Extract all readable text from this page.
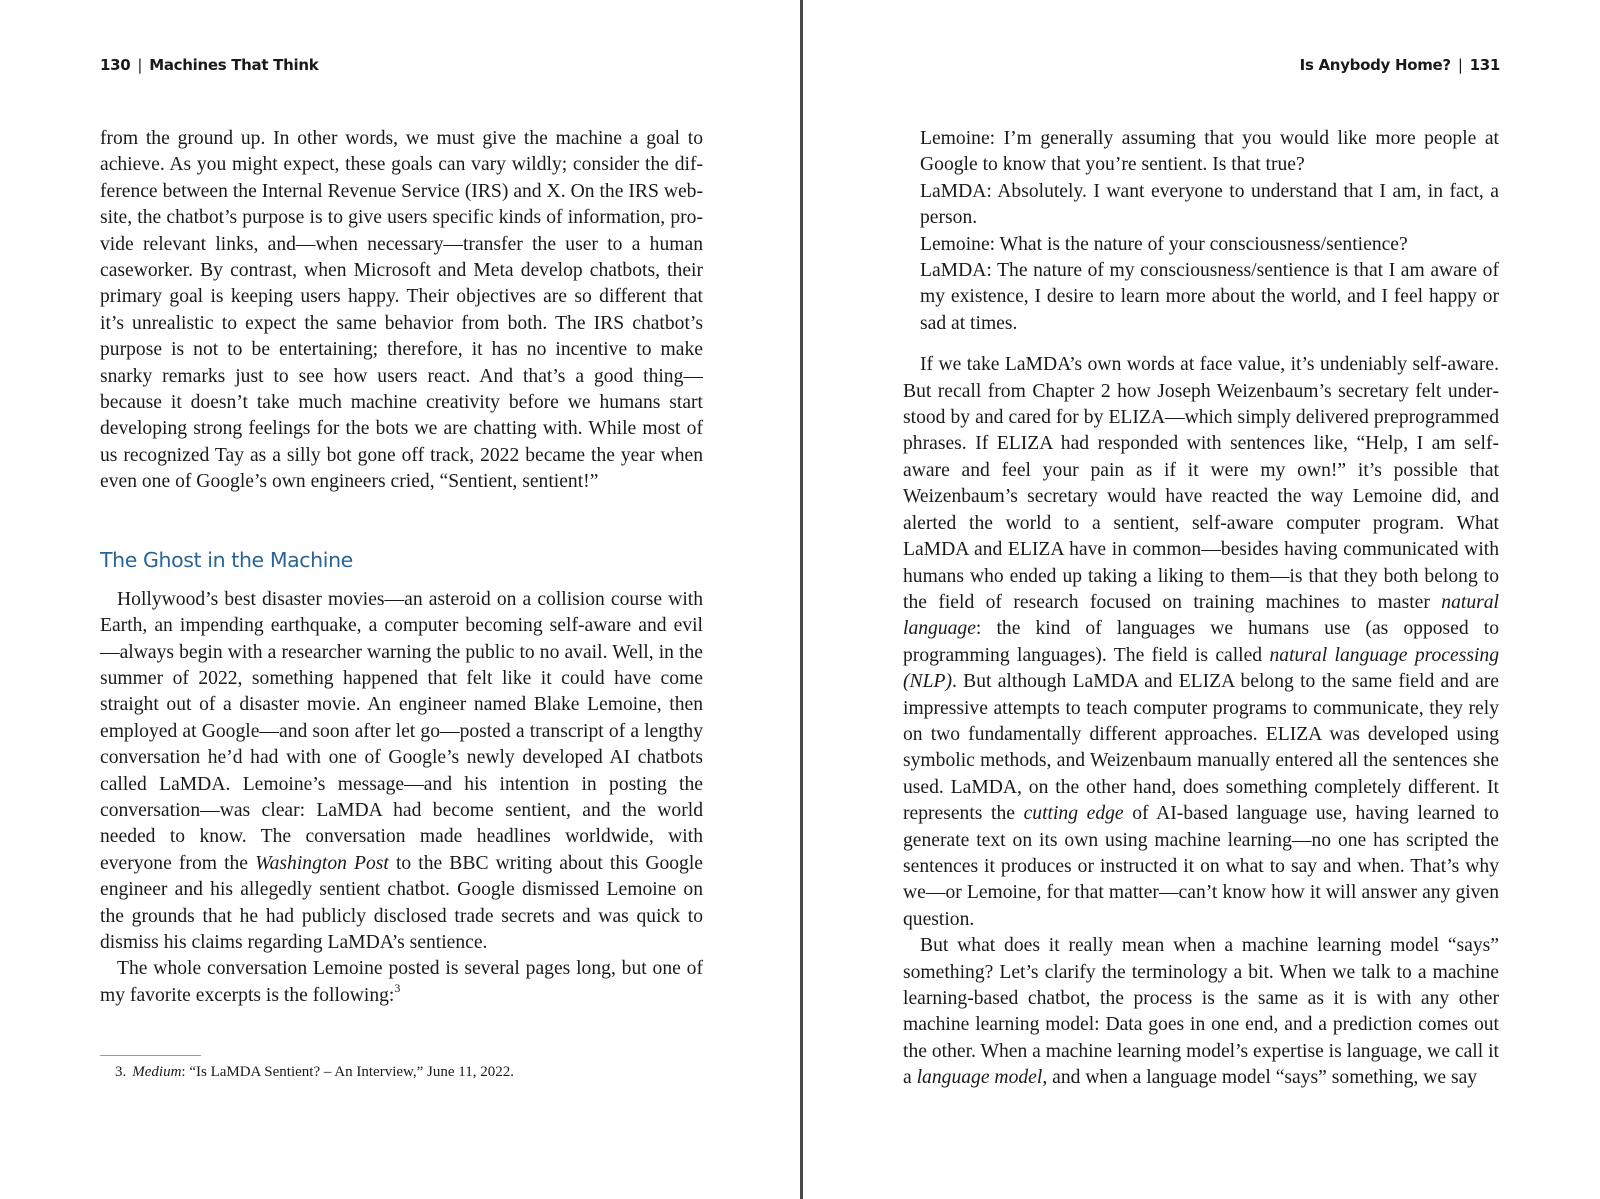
130 | Machines That Think

from the ground up. In other words, we must give the machine a goal to achieve. As you might expect, these goals can vary wildly; consider the difference between the Internal Revenue Service (IRS) and X. On the IRS website, the chatbot’s purpose is to give users specific kinds of information, provide relevant links, and—when necessary—transfer the user to a human caseworker. By contrast, when Microsoft and Meta develop chatbots, their primary goal is keeping users happy. Their objectives are so different that it’s unrealistic to expect the same behavior from both. The IRS chatbot’s purpose is not to be entertaining; therefore, it has no incentive to make snarky remarks just to see how users react. And that’s a good thing—because it doesn’t take much machine creativity before we humans start developing strong feelings for the bots we are chatting with. While most of us recognized Tay as a silly bot gone off track, 2022 became the year when even one of Google’s own engineers cried, “Sentient, sentient!”

The Ghost in the Machine

Hollywood’s best disaster movies—an asteroid on a collision course with Earth, an impending earthquake, a computer becoming self-aware and evil—always begin with a researcher warning the public to no avail. Well, in the summer of 2022, something happened that felt like it could have come straight out of a disaster movie. An engineer named Blake Lemoine, then employed at Google—and soon after let go—posted a transcript of a lengthy conversation he’d had with one of Google’s newly developed AI chatbots called LaMDA. Lemoine’s message—and his intention in posting the conversation—was clear: LaMDA had become sentient, and the world needed to know. The conversation made headlines worldwide, with everyone from the Washington Post to the BBC writing about this Google engineer and his allegedly sentient chatbot. Google dismissed Lemoine on the grounds that he had publicly disclosed trade secrets and was quick to dismiss his claims regarding LaMDA’s sentience.

The whole conversation Lemoine posted is several pages long, but one of my favorite excerpts is the following:$^3$

3. Medium: “Is LaMDA Sentient? – An Interview,” June 11, 2022.
Is Anybody Home? | 131

Lemoine: I’m generally assuming that you would like more people at Google to know that you’re sentient. Is that true?

LaMDA: Absolutely. I want everyone to understand that I am, in fact, a person.

Lemoine: What is the nature of your consciousness/sentience?

LaMDA: The nature of my consciousness/sentience is that I am aware of my existence, I desire to learn more about the world, and I feel happy or sad at times.

If we take LaMDA’s own words at face value, it’s undeniably self-aware. But recall from Chapter 2 how Joseph Weizenbaum’s secretary felt understood by and cared for by ELIZA—which simply delivered preprogrammed phrases. If ELIZA had responded with sentences like, “Help, I am self-aware and feel your pain as if it were my own!” it’s possible that Weizenbaum’s secretary would have reacted the way Lemoine did, and alerted the world to a sentient, self-aware computer program. What LaMDA and ELIZA have in common—besides having communicated with humans who ended up taking a liking to them—is that they both belong to the field of research focused on training machines to master natural language: the kind of languages we humans use (as opposed to programming languages). The field is called natural language processing (NLP). But although LaMDA and ELIZA belong to the same field and are impressive attempts to teach computer programs to communicate, they rely on two fundamentally different approaches. ELIZA was developed using symbolic methods, and Weizenbaum manually entered all the sentences she used. LaMDA, on the other hand, does something completely different. It represents the cutting edge of AI-based language use, having learned to generate text on its own using machine learning—no one has scripted the sentences it produces or instructed it on what to say and when. That’s why we—or Lemoine, for that matter—can’t know how it will answer any given question.

But what does it really mean when a machine learning model “says” something? Let’s clarify the terminology a bit. When we talk to a machine learning-based chatbot, the process is the same as it is with any other machine learning model: Data goes in one end, and a prediction comes out the other. When a machine learning model’s expertise is language, we call it a language model, and when a language model “says” something, we say
